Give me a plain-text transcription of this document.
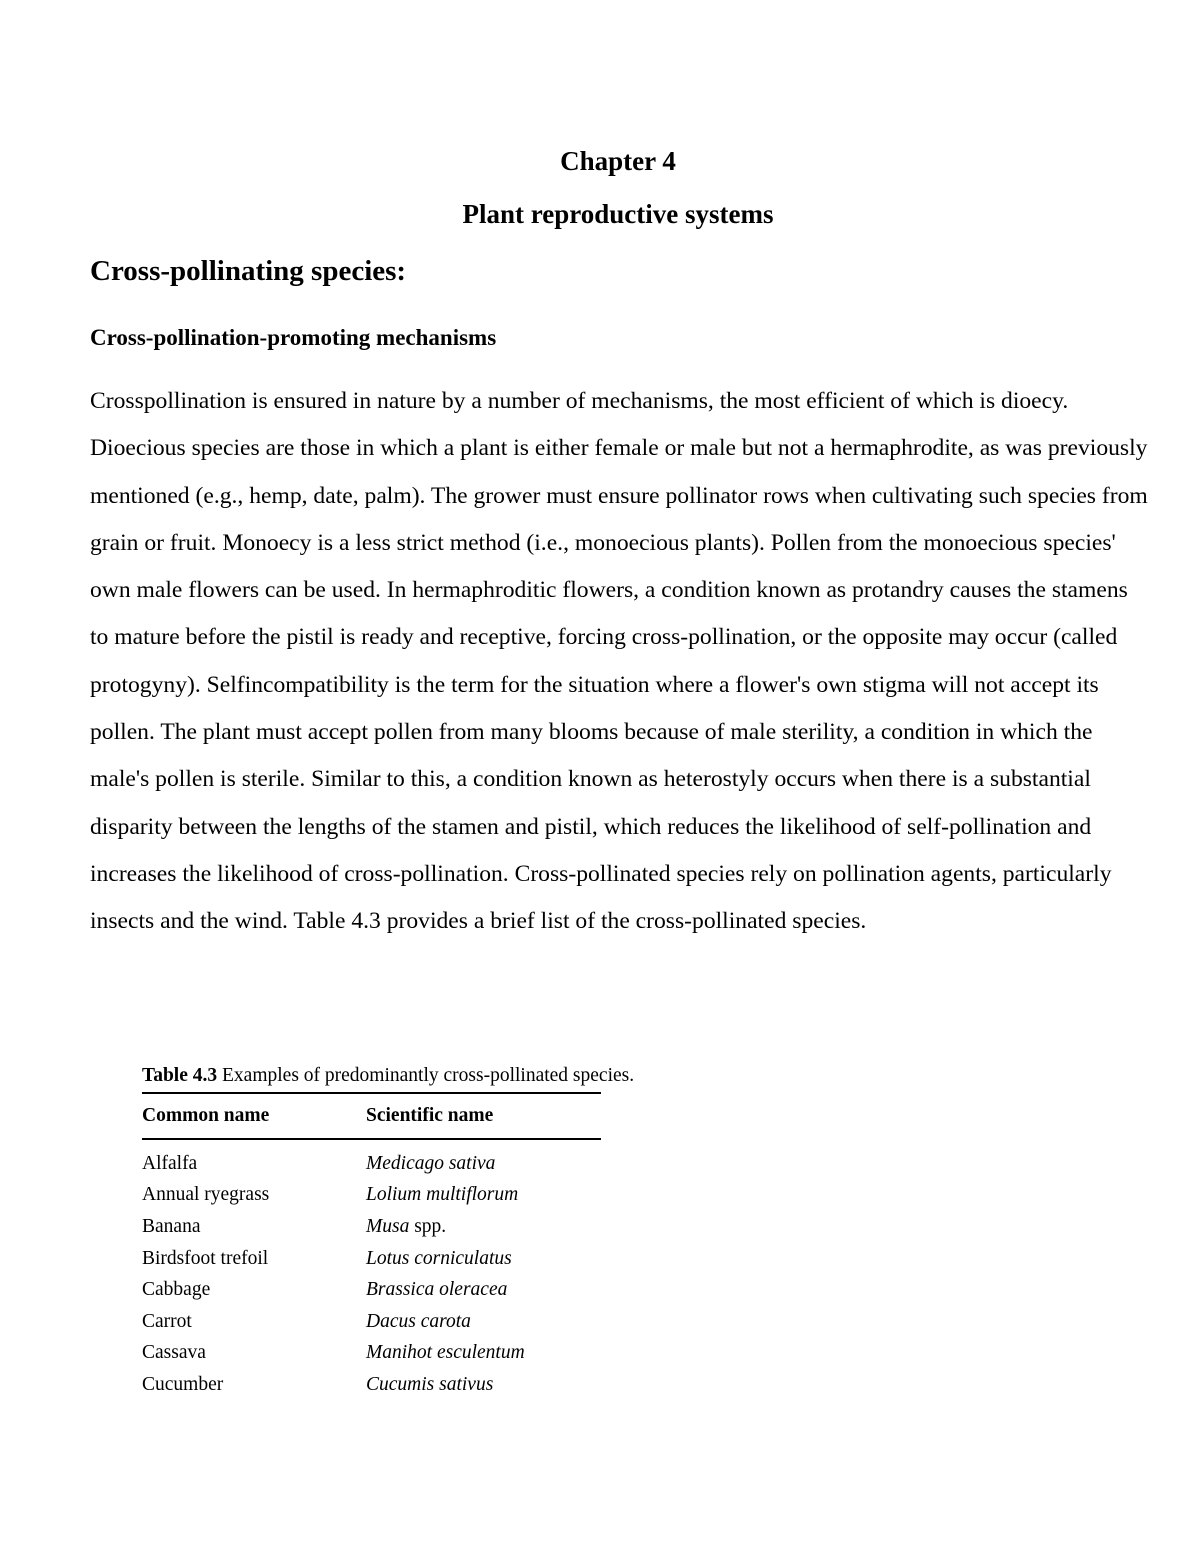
Chapter 4
Plant reproductive systems
Cross-pollinating species:
Cross-pollination-promoting mechanisms

Crosspollination is ensured in nature by a number of mechanisms, the most efficient of which is dioecy. Dioecious species are those in which a plant is either female or male but not a hermaphrodite, as was previously mentioned (e.g., hemp, date, palm). The grower must ensure pollinator rows when cultivating such species from grain or fruit. Monoecy is a less strict method (i.e., monoecious plants). Pollen from the monoecious species' own male flowers can be used. In hermaphroditic flowers, a condition known as protandry causes the stamens to mature before the pistil is ready and receptive, forcing cross-pollination, or the opposite may occur (called protogyny). Selfincompatibility is the term for the situation where a flower's own stigma will not accept its pollen. The plant must accept pollen from many blooms because of male sterility, a condition in which the male's pollen is sterile. Similar to this, a condition known as heterostyly occurs when there is a substantial disparity between the lengths of the stamen and pistil, which reduces the likelihood of self-pollination and increases the likelihood of cross-pollination. Cross-pollinated species rely on pollination agents, particularly insects and the wind. Table 4.3 provides a brief list of the cross-pollinated species.

Table 4.3 Examples of predominantly cross-pollinated species.

Common name	Scientific name
Alfalfa	Medicago sativa
Annual ryegrass	Lolium multiflorum
Banana	Musa spp.
Birdsfoot trefoil	Lotus corniculatus
Cabbage	Brassica oleracea
Carrot	Dacus carota
Cassava	Manihot esculentum
Cucumber	Cucumis sativus
